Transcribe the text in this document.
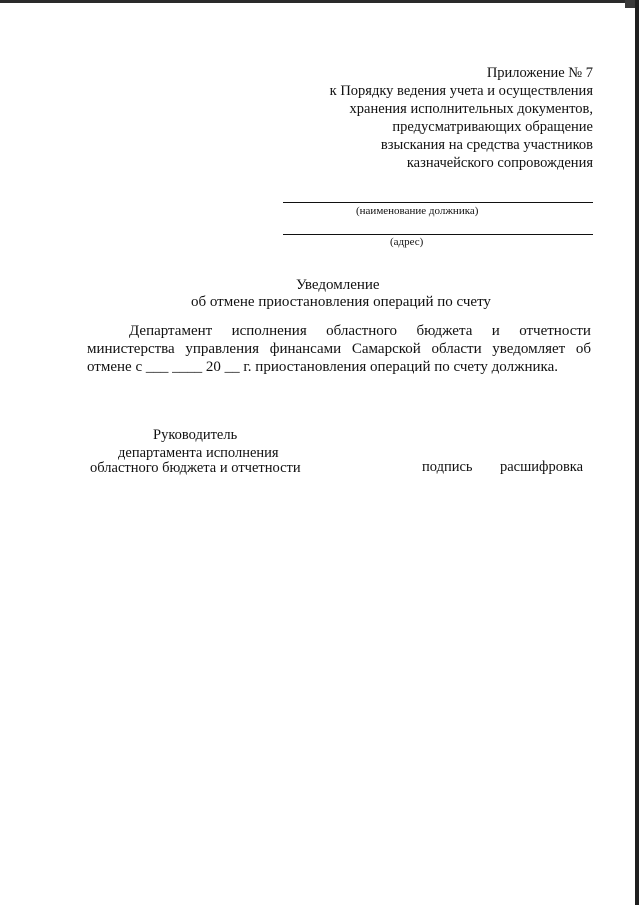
Приложение № 7
к Порядку ведения учета и осуществления
хранения исполнительных документов,
предусматривающих обращение
взыскания на средства участников
казначейского сопровождения
(наименование должника)
(адрес)
Уведомление
об отмене приостановления операций по счету
Департамент исполнения областного бюджета и отчетности
министерства управления финансами Самарской области уведомляет об
отмене с ___ ____ 20 __ г. приостановления операций по счету должника.
Руководитель
департамента исполнения
областного бюджета и отчетности	подпись расшифровка
